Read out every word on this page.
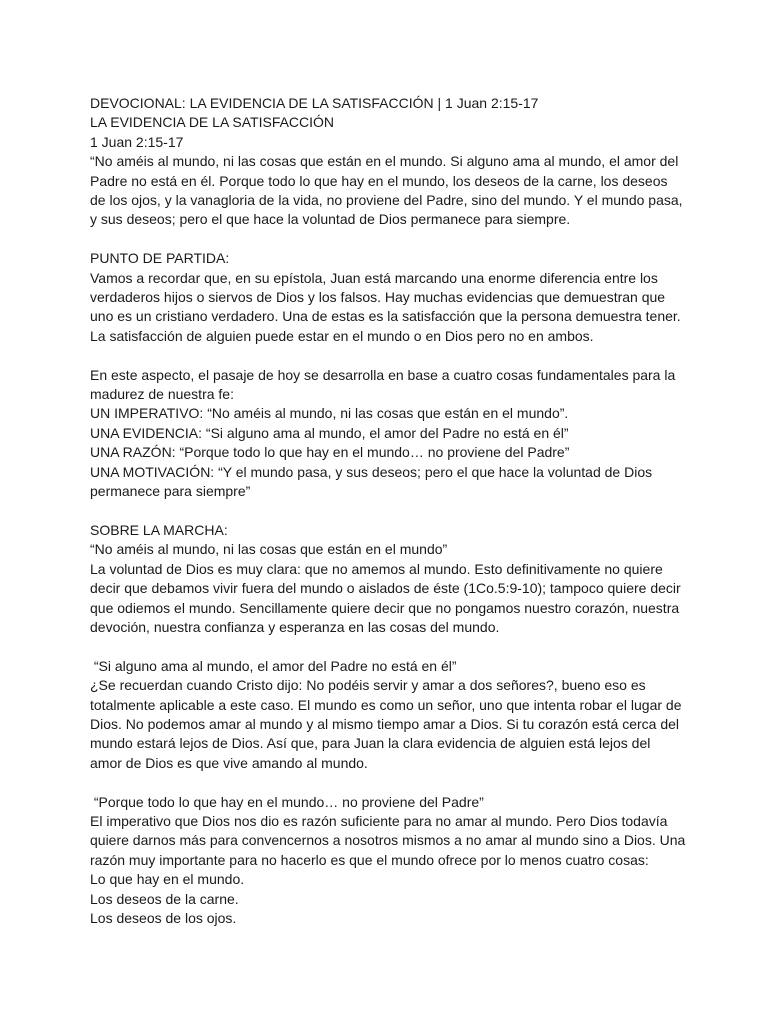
DEVOCIONAL: LA EVIDENCIA DE LA SATISFACCIÓN | 1 Juan 2:15-17
LA EVIDENCIA DE LA SATISFACCIÓN
1 Juan 2:15-17
“No améis al mundo, ni las cosas que están en el mundo. Si alguno ama al mundo, el amor del
Padre no está en él. Porque todo lo que hay en el mundo, los deseos de la carne, los deseos
de los ojos, y la vanagloria de la vida, no proviene del Padre, sino del mundo. Y el mundo pasa,
y sus deseos; pero el que hace la voluntad de Dios permanece para siempre.
PUNTO DE PARTIDA:
Vamos a recordar que, en su epístola, Juan está marcando una enorme diferencia entre los
verdaderos hijos o siervos de Dios y los falsos. Hay muchas evidencias que demuestran que
uno es un cristiano verdadero. Una de estas es la satisfacción que la persona demuestra tener.
La satisfacción de alguien puede estar en el mundo o en Dios pero no en ambos.
En este aspecto, el pasaje de hoy se desarrolla en base a cuatro cosas fundamentales para la
madurez de nuestra fe:
UN IMPERATIVO: “No améis al mundo, ni las cosas que están en el mundo”.
UNA EVIDENCIA: “Si alguno ama al mundo, el amor del Padre no está en él”
UNA RAZÓN: “Porque todo lo que hay en el mundo… no proviene del Padre”
UNA MOTIVACIÓN: “Y el mundo pasa, y sus deseos; pero el que hace la voluntad de Dios
permanece para siempre”
SOBRE LA MARCHA:
“No améis al mundo, ni las cosas que están en el mundo”
La voluntad de Dios es muy clara: que no amemos al mundo. Esto definitivamente no quiere
decir que debamos vivir fuera del mundo o aislados de éste (1Co.5:9-10); tampoco quiere decir
que odiemos el mundo. Sencillamente quiere decir que no pongamos nuestro corazón, nuestra
devoción, nuestra confianza y esperanza en las cosas del mundo.
“Si alguno ama al mundo, el amor del Padre no está en él”
¿Se recuerdan cuando Cristo dijo: No podéis servir y amar a dos señores?, bueno eso es
totalmente aplicable a este caso. El mundo es como un señor, uno que intenta robar el lugar de
Dios. No podemos amar al mundo y al mismo tiempo amar a Dios. Si tu corazón está cerca del
mundo estará lejos de Dios. Así que, para Juan la clara evidencia de alguien está lejos del
amor de Dios es que vive amando al mundo.
“Porque todo lo que hay en el mundo… no proviene del Padre”
El imperativo que Dios nos dio es razón suficiente para no amar al mundo. Pero Dios todavía
quiere darnos más para convencernos a nosotros mismos a no amar al mundo sino a Dios. Una
razón muy importante para no hacerlo es que el mundo ofrece por lo menos cuatro cosas:
Lo que hay en el mundo.
Los deseos de la carne.
Los deseos de los ojos.
